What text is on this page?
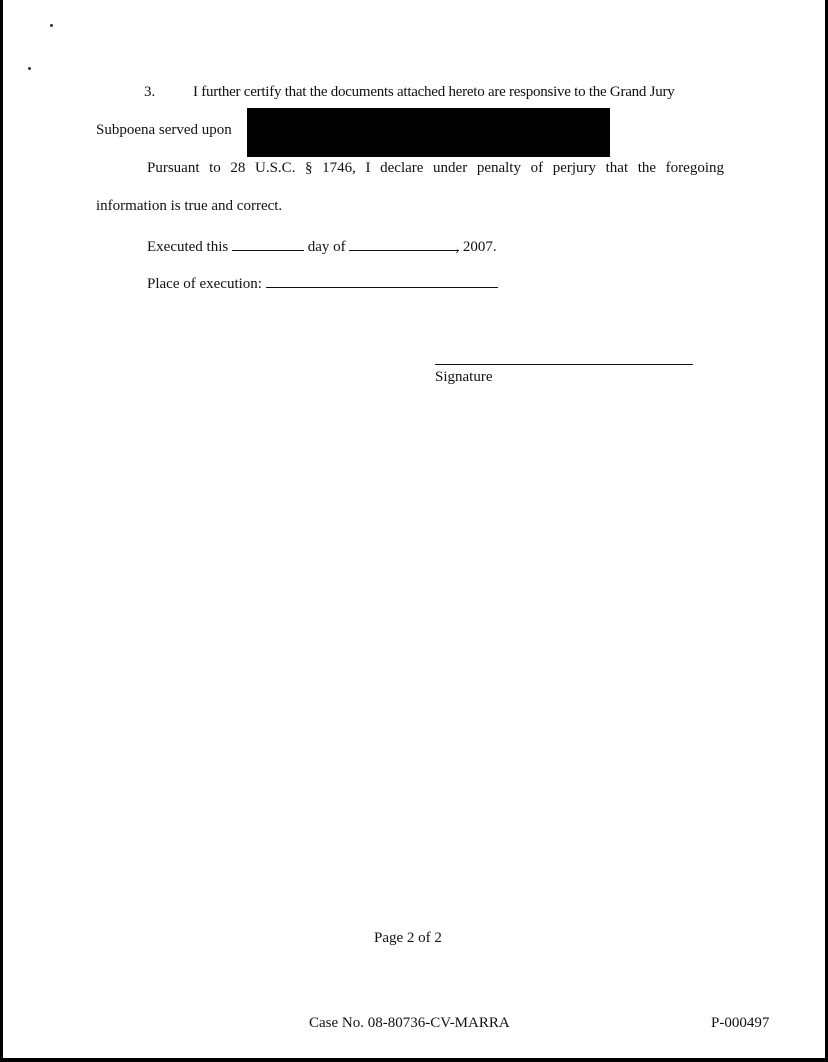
3.	I further certify that the documents attached hereto are responsive to the Grand Jury
Subpoena served upon
Pursuant to 28 U.S.C. § 1746, I declare under penalty of perjury that the foregoing
information is true and correct.
Executed this	day of	, 2007.
Place of execution:
Signature
Page 2 of 2
Case No. 08-80736-CV-MARRA	P-000497
